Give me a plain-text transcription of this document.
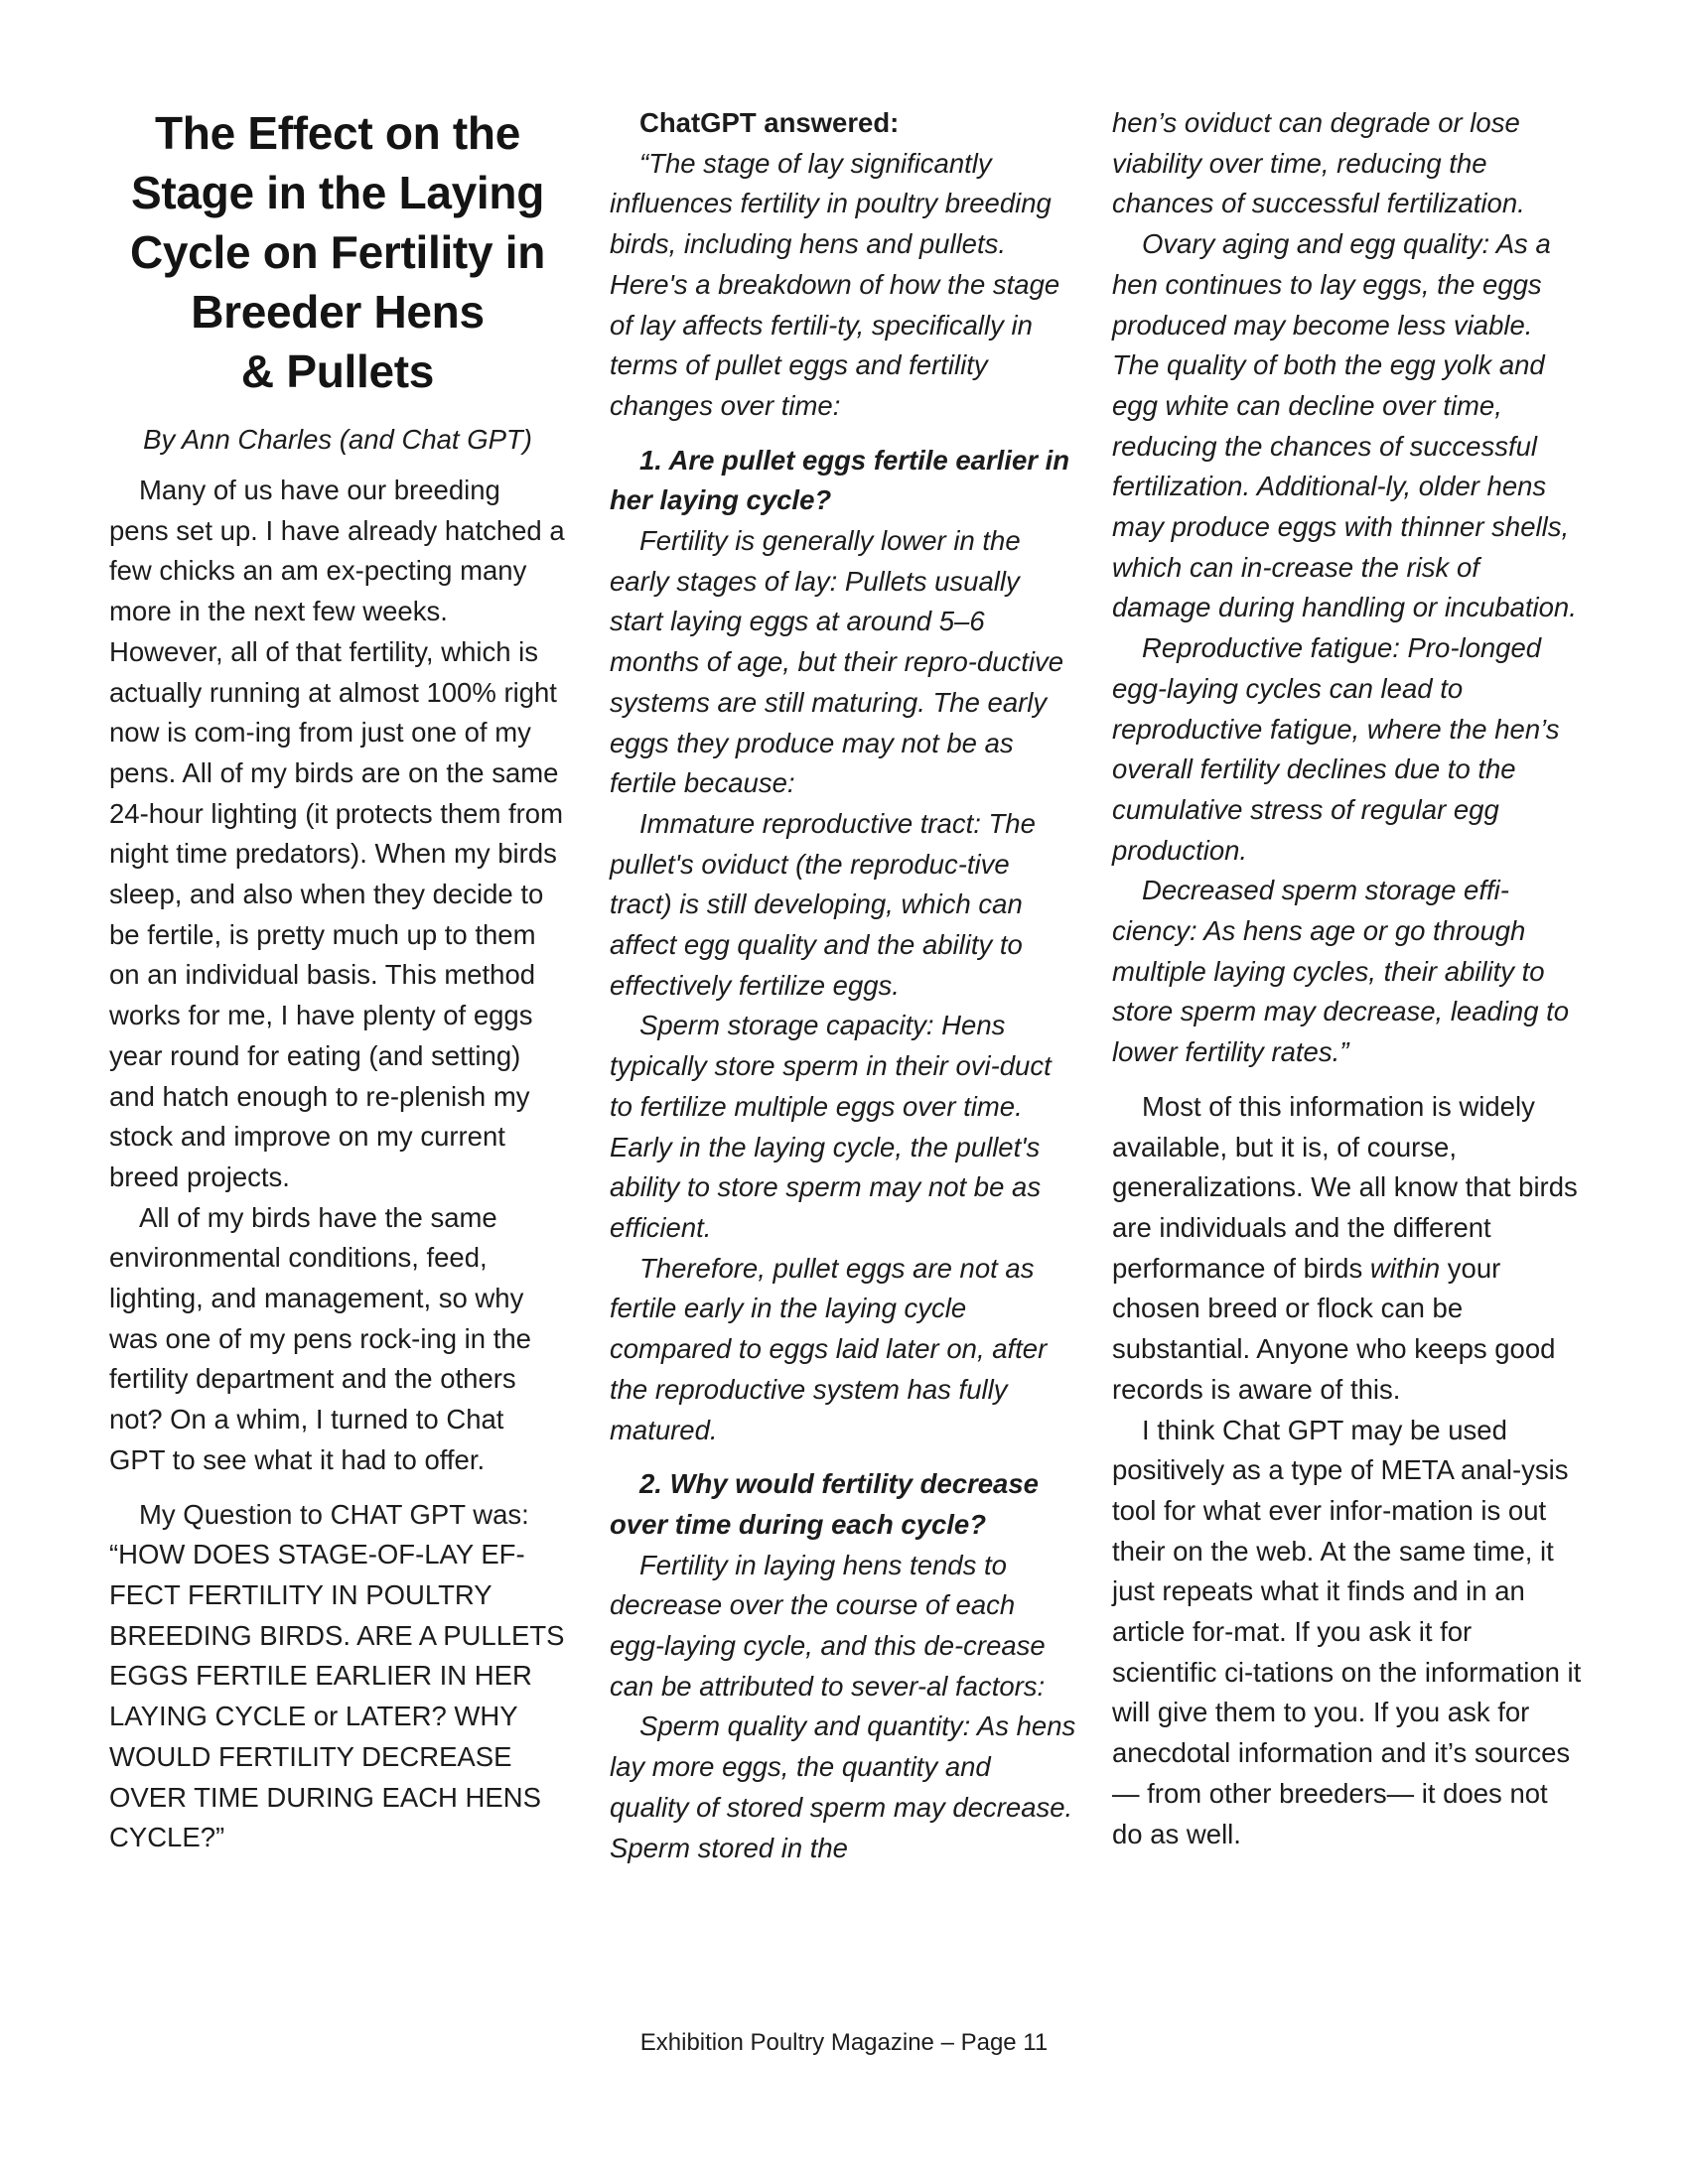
The Effect on the
Stage in the Laying
Cycle on Fertility in
Breeder Hens
& Pullets
By Ann Charles (and Chat GPT)

Many of us have our breeding pens set up. I have already hatched a few chicks an am ex-pecting many more in the next few weeks. However, all of that fertility, which is actually running at almost 100% right now is com-ing from just one of my pens. All of my birds are on the same 24-hour lighting (it protects them from night time predators). When my birds sleep, and also when they decide to be fertile, is pretty much up to them on an individual basis. This method works for me, I have plenty of eggs year round for eating (and setting) and hatch enough to re-plenish my stock and improve on my current breed projects.

All of my birds have the same environmental conditions, feed, lighting, and management, so why was one of my pens rock-ing in the fertility department and the others not? On a whim, I turned to Chat GPT to see what it had to offer.

My Question to CHAT GPT was:

“HOW DOES STAGE-OF-LAY EF-FECT FERTILITY IN POULTRY BREEDING BIRDS. ARE A PULLETS EGGS FERTILE EARLIER IN HER LAYING CYCLE or LATER? WHY WOULD FERTILITY DECREASE OVER TIME DURING EACH HENS CYCLE?”

ChatGPT answered:

“The stage of lay significantly influences fertility in poultry breeding birds, including hens and pullets. Here's a breakdown of how the stage of lay affects fertili-ty, specifically in terms of pullet eggs and fertility changes over time:

1. Are pullet eggs fertile earlier in her laying cycle?

Fertility is generally lower in the early stages of lay: Pullets usually start laying eggs at around 5–6 months of age, but their repro-ductive systems are still maturing. The early eggs they produce may not be as fertile because:

Immature reproductive tract: The pullet's oviduct (the reproduc-tive tract) is still developing, which can affect egg quality and the ability to effectively fertilize eggs.

Sperm storage capacity: Hens typically store sperm in their ovi-duct to fertilize multiple eggs over time. Early in the laying cycle, the pullet's ability to store sperm may not be as efficient.

Therefore, pullet eggs are not as fertile early in the laying cycle compared to eggs laid later on, after the reproductive system has fully matured.

2. Why would fertility decrease over time during each cycle?

Fertility in laying hens tends to decrease over the course of each egg-laying cycle, and this de-crease can be attributed to sever-al factors:

Sperm quality and quantity: As hens lay more eggs, the quantity and quality of stored sperm may decrease. Sperm stored in the

hen’s oviduct can degrade or lose viability over time, reducing the chances of successful fertilization.

Ovary aging and egg quality: As a hen continues to lay eggs, the eggs produced may become less viable. The quality of both the egg yolk and egg white can decline over time, reducing the chances of successful fertilization. Additional-ly, older hens may produce eggs with thinner shells, which can in-crease the risk of damage during handling or incubation.

Reproductive fatigue: Pro-longed egg-laying cycles can lead to reproductive fatigue, where the hen’s overall fertility declines due to the cumulative stress of regular egg production.

Decreased sperm storage effi-ciency: As hens age or go through multiple laying cycles, their ability to store sperm may decrease, leading to lower fertility rates.”

Most of this information is widely available, but it is, of course, generalizations. We all know that birds are individuals and the different performance of birds within your chosen breed or flock can be substantial. Anyone who keeps good records is aware of this.

I think Chat GPT may be used positively as a type of META anal-ysis tool for what ever infor-mation is out their on the web. At the same time, it just repeats what it finds and in an article for-mat. If you ask it for scientific ci-tations on the information it will give them to you. If you ask for anecdotal information and it’s sources — from other breeders— it does not do as well.

Exhibition Poultry Magazine – Page 11
